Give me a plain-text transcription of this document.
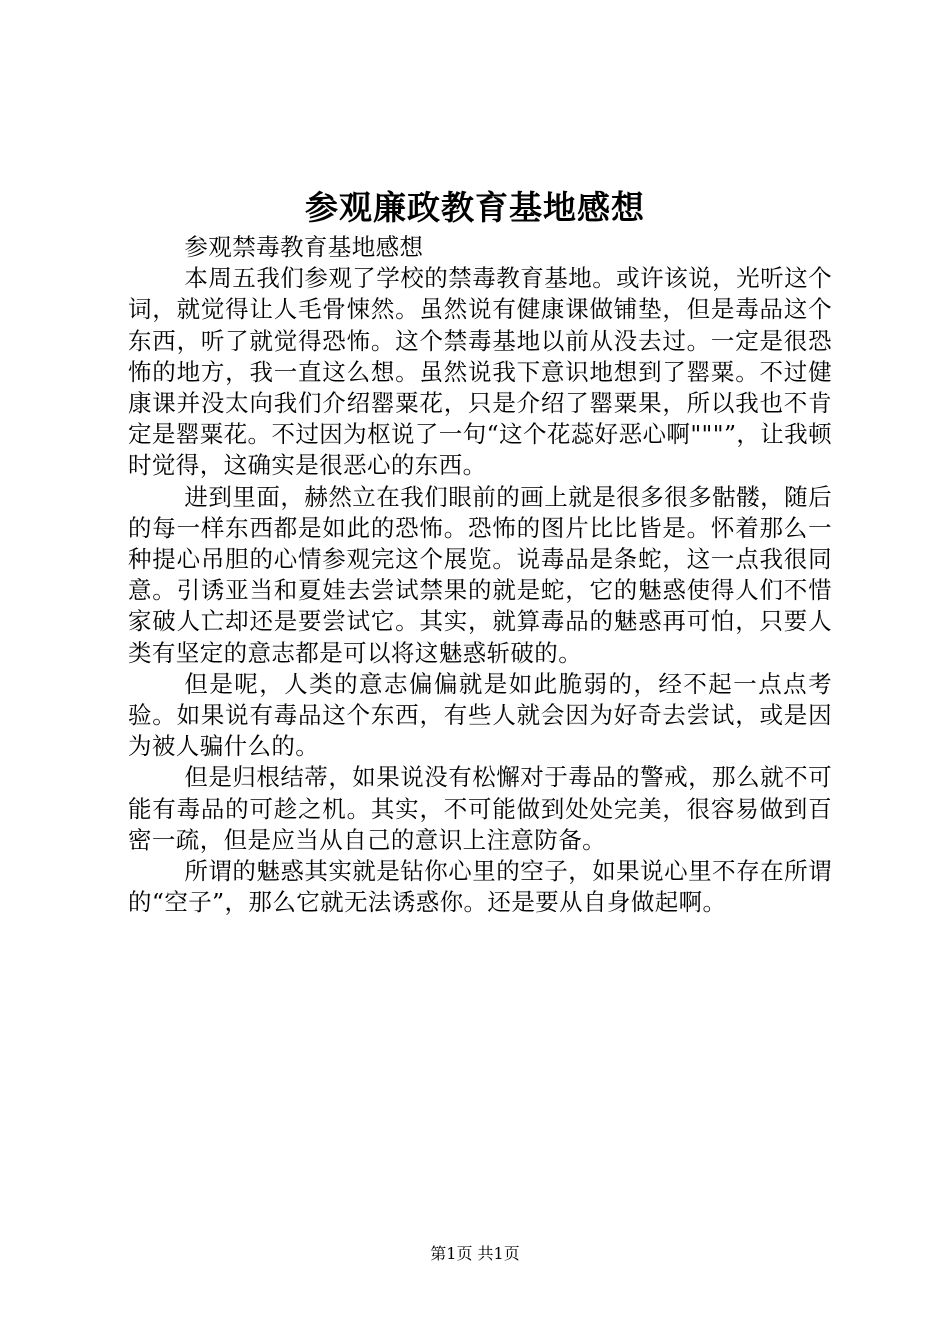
参观廉政教育基地感想

参观禁毒教育基地感想

本周五我们参观了学校的禁毒教育基地。或许该说，光听这个词，就觉得让人毛骨悚然。虽然说有健康课做铺垫，但是毒品这个东西，听了就觉得恐怖。这个禁毒基地以前从没去过。一定是很恐怖的地方，我一直这么想。虽然说我下意识地想到了罂粟。不过健康课并没太向我们介绍罂粟花，只是介绍了罂粟果，所以我也不肯定是罂粟花。不过因为枢说了一句“这个花蕊好恶心啊"""”，让我顿时觉得，这确实是很恶心的东西。

进到里面，赫然立在我们眼前的画上就是很多很多骷髅，随后的每一样东西都是如此的恐怖。恐怖的图片比比皆是。怀着那么一种提心吊胆的心情参观完这个展览。说毒品是条蛇，这一点我很同意。引诱亚当和夏娃去尝试禁果的就是蛇，它的魅惑使得人们不惜家破人亡却还是要尝试它。其实，就算毒品的魅惑再可怕，只要人类有坚定的意志都是可以将这魅惑斩破的。

但是呢，人类的意志偏偏就是如此脆弱的，经不起一点点考验。如果说有毒品这个东西，有些人就会因为好奇去尝试，或是因为被人骗什么的。

但是归根结蒂，如果说没有松懈对于毒品的警戒，那么就不可能有毒品的可趁之机。其实，不可能做到处处完美，很容易做到百密一疏，但是应当从自己的意识上注意防备。

所谓的魅惑其实就是钻你心里的空子，如果说心里不存在所谓的“空子”，那么它就无法诱惑你。还是要从自身做起啊。

第1页 共1页
